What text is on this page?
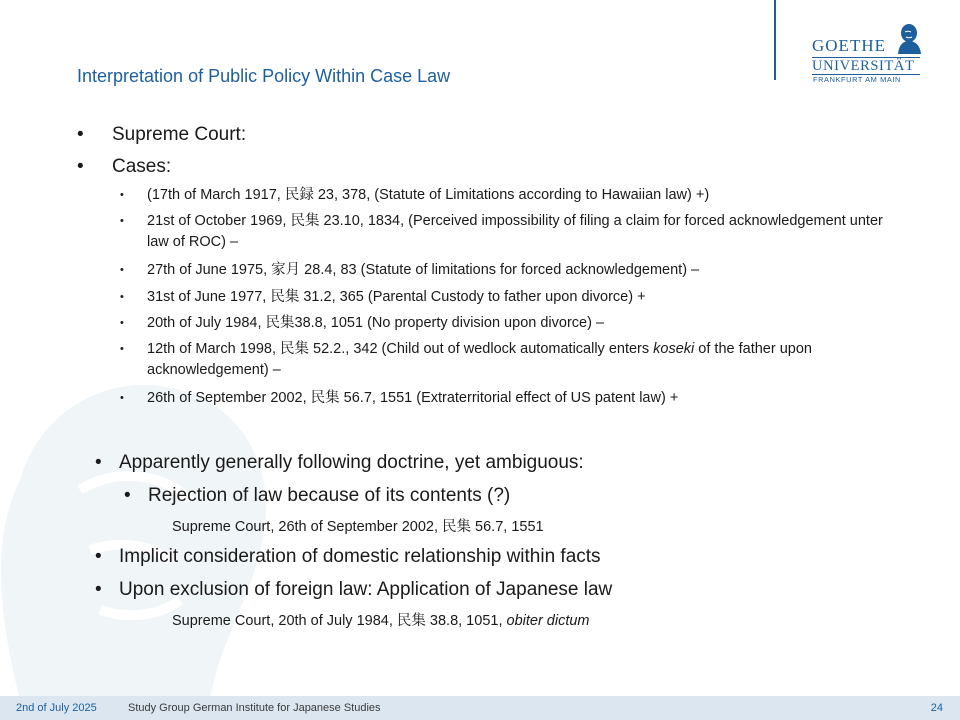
GOETHE
UNIVERSITÄT
FRANKFURT AM MAIN
Interpretation of Public Policy Within Case Law
• Supreme Court:
• Cases:
• (17th of March 1917, 民録 23, 378, (Statute of Limitations according to Hawaiian law) +)
• 21st of October 1969, 民集 23.10, 1834, (Perceived impossibility of filing a claim for forced acknowledgement unter law of ROC) –
• 27th of June 1975, 家月 28.4, 83 (Statute of limitations for forced acknowledgement) –
• 31st of June 1977, 民集 31.2, 365 (Parental Custody to father upon divorce) +
• 20th of July 1984, 民集38.8, 1051 (No property division upon divorce) –
• 12th of March 1998, 民集 52.2., 342 (Child out of wedlock automatically enters koseki of the father upon acknowledgement) –
• 26th of September 2002, 民集 56.7, 1551 (Extraterritorial effect of US patent law) +
• Apparently generally following doctrine, yet ambiguous:
• Rejection of law because of its contents (?)
Supreme Court, 26th of September 2002, 民集 56.7, 1551
• Implicit consideration of domestic relationship within facts
• Upon exclusion of foreign law: Application of Japanese law
Supreme Court, 20th of July 1984, 民集 38.8, 1051, obiter dictum
2nd of July 2025	Study Group German Institute for Japanese Studies	24
